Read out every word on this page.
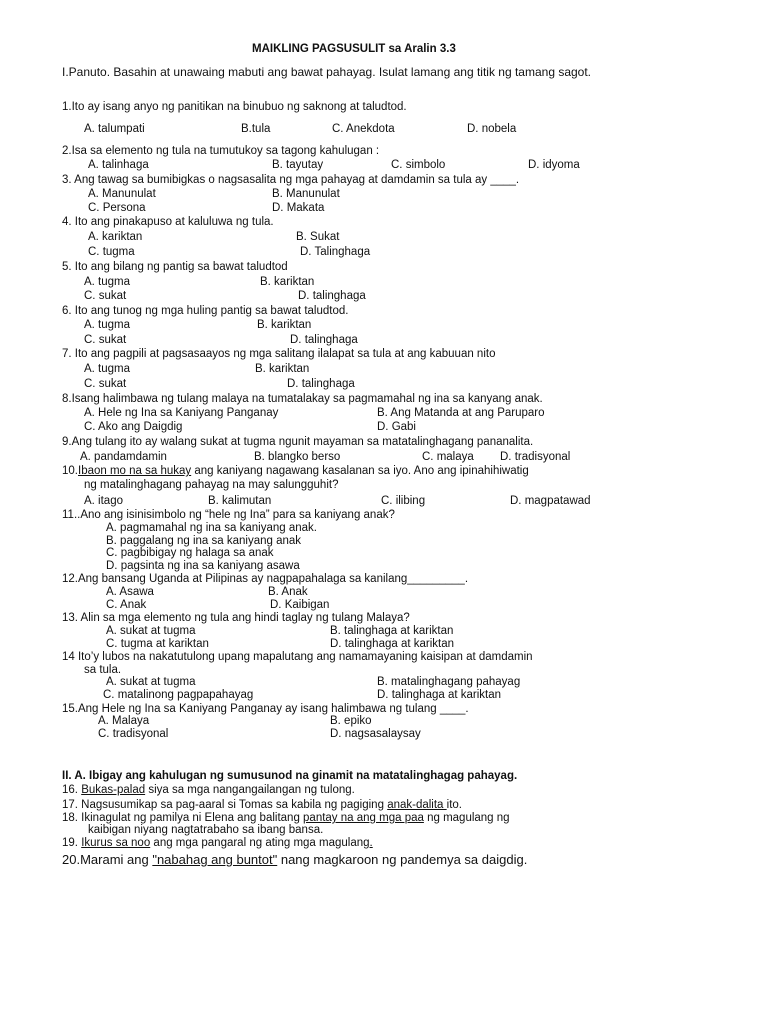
MAIKLING PAGSUSULIT sa Aralin 3.3
I.Panuto. Basahin at unawaing mabuti ang bawat pahayag. Isulat lamang ang titik ng tamang sagot.
1.Ito ay isang anyo ng panitikan na binubuo ng saknong at taludtod.
A. talumpati	B.tula	C. Anekdota	D. nobela
2.Isa sa elemento ng tula na tumutukoy sa tagong kahulugan :
A. talinhaga	B. tayutay	C. simbolo	D. idyoma
3. Ang tawag sa bumibigkas o nagsasalita ng mga pahayag at damdamin sa tula ay ____.
A. Manunulat	B. Manunulat
C. Persona	D. Makata
4. Ito ang pinakapuso at kaluluwa ng tula.
A. kariktan	B. Sukat
C. tugma	D. Talinghaga
5. Ito ang bilang ng pantig sa bawat taludtod
A. tugma	B. kariktan
C. sukat	D. talinghaga
6. Ito ang tunog ng mga huling pantig sa bawat taludtod.
A. tugma	B. kariktan
C. sukat	D. talinghaga
7. Ito ang pagpili at pagsasaayos ng mga salitang ilalapat sa tula at ang kabuuan nito
A. tugma	B. kariktan
C. sukat	D. talinghaga
8.Isang halimbawa ng tulang malaya na tumatalakay sa pagmamahal ng ina sa kanyang anak.
A. Hele ng Ina sa Kaniyang Panganay	B. Ang Matanda at ang Paruparo
C. Ako ang Daigdig	D. Gabi
9.Ang tulang ito ay walang sukat at tugma ngunit mayaman sa matatalinghagang pananalita.
A. pandamdamin	B. blangko berso	C. malaya D. tradisyonal
10.Ibaon mo na sa hukay ang kaniyang nagawang kasalanan sa iyo. Ano ang ipinahihiwatig
ng matalinghagang pahayag na may salungguhit?
A. itago	B. kalimutan	C. ilibing	D. magpatawad
11..Ano ang isinisimbolo ng “hele ng Ina” para sa kaniyang anak?
A. pagmamahal ng ina sa kaniyang anak.
B. paggalang ng ina sa kaniyang anak
C. pagbibigay ng halaga sa anak
D. pagsinta ng ina sa kaniyang asawa
12.Ang bansang Uganda at Pilipinas ay nagpapahalaga sa kanilang_________.
A. Asawa	B. Anak
C. Anak	D. Kaibigan
13. Alin sa mga elemento ng tula ang hindi taglay ng tulang Malaya?
A. sukat at tugma	B. talinghaga at kariktan
C. tugma at kariktan	D. talinghaga at kariktan
14 Ito’y lubos na nakatutulong upang mapalutang ang namamayaning kaisipan at damdamin
sa tula.
A. sukat at tugma	B. matalinghagang pahayag
C. matalinong pagpapahayag	D. talinghaga at kariktan
15.Ang Hele ng Ina sa Kaniyang Panganay ay isang halimbawa ng tulang ____.
A. Malaya	B. epiko
C. tradisyonal	D. nagsasalaysay
II. A. Ibigay ang kahulugan ng sumusunod na ginamit na matatalinghagag pahayag.
16. Bukas-palad siya sa mga nangangailangan ng tulong.
17. Nagsusumikap sa pag-aaral si Tomas sa kabila ng pagiging anak-dalita ito.
18. Ikinagulat ng pamilya ni Elena ang balitang pantay na ang mga paa ng magulang ng
kaibigan niyang nagtatrabaho sa ibang bansa.
19. Ikurus sa noo ang mga pangaral ng ating mga magulang.
20.Marami ang "nabahag ang buntot" nang magkaroon ng pandemya sa daigdig.
